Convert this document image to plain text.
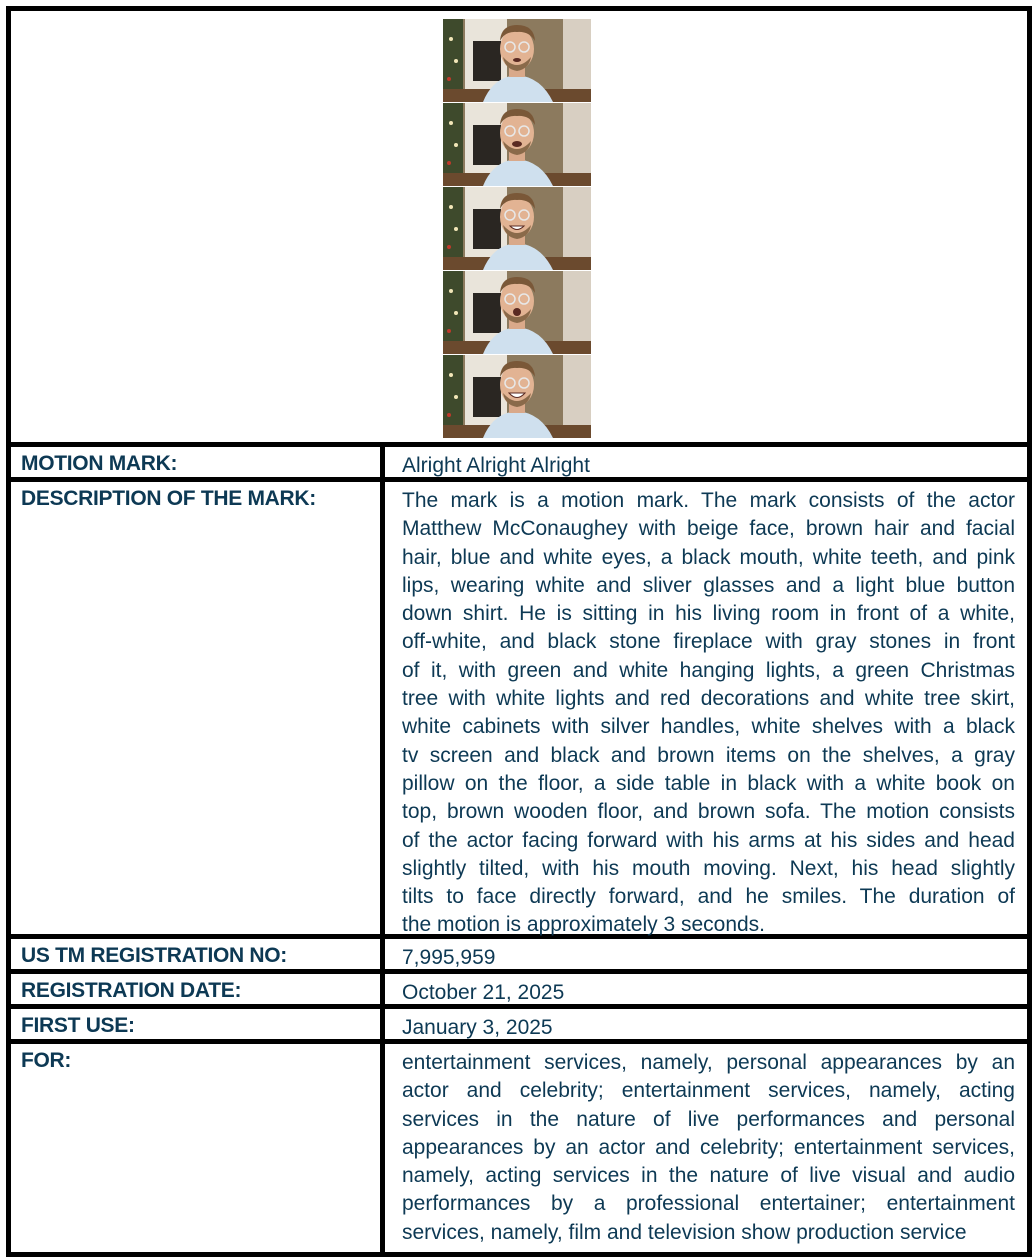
MOTION MARK:	Alright Alright Alright
DESCRIPTION OF THE MARK:	The mark is a motion mark. The mark consists of the actor
Matthew McConaughey with beige face, brown hair and facial
hair, blue and white eyes, a black mouth, white teeth, and pink
lips, wearing white and sliver glasses and a light blue button
down shirt. He is sitting in his living room in front of a white,
off-white, and black stone fireplace with gray stones in front
of it, with green and white hanging lights, a green Christmas
tree with white lights and red decorations and white tree skirt,
white cabinets with silver handles, white shelves with a black
tv screen and black and brown items on the shelves, a gray
pillow on the floor, a side table in black with a white book on
top, brown wooden floor, and brown sofa. The motion consists
of the actor facing forward with his arms at his sides and head
slightly tilted, with his mouth moving. Next, his head slightly
tilts to face directly forward, and he smiles. The duration of
the motion is approximately 3 seconds.
US TM REGISTRATION NO:	7,995,959
REGISTRATION DATE:	October 21, 2025
FIRST USE:	January 3, 2025
FOR:	entertainment services, namely, personal appearances by an
actor and celebrity; entertainment services, namely, acting
services in the nature of live performances and personal
appearances by an actor and celebrity; entertainment services,
namely, acting services in the nature of live visual and audio
performances by a professional entertainer; entertainment
services, namely, film and television show production service
